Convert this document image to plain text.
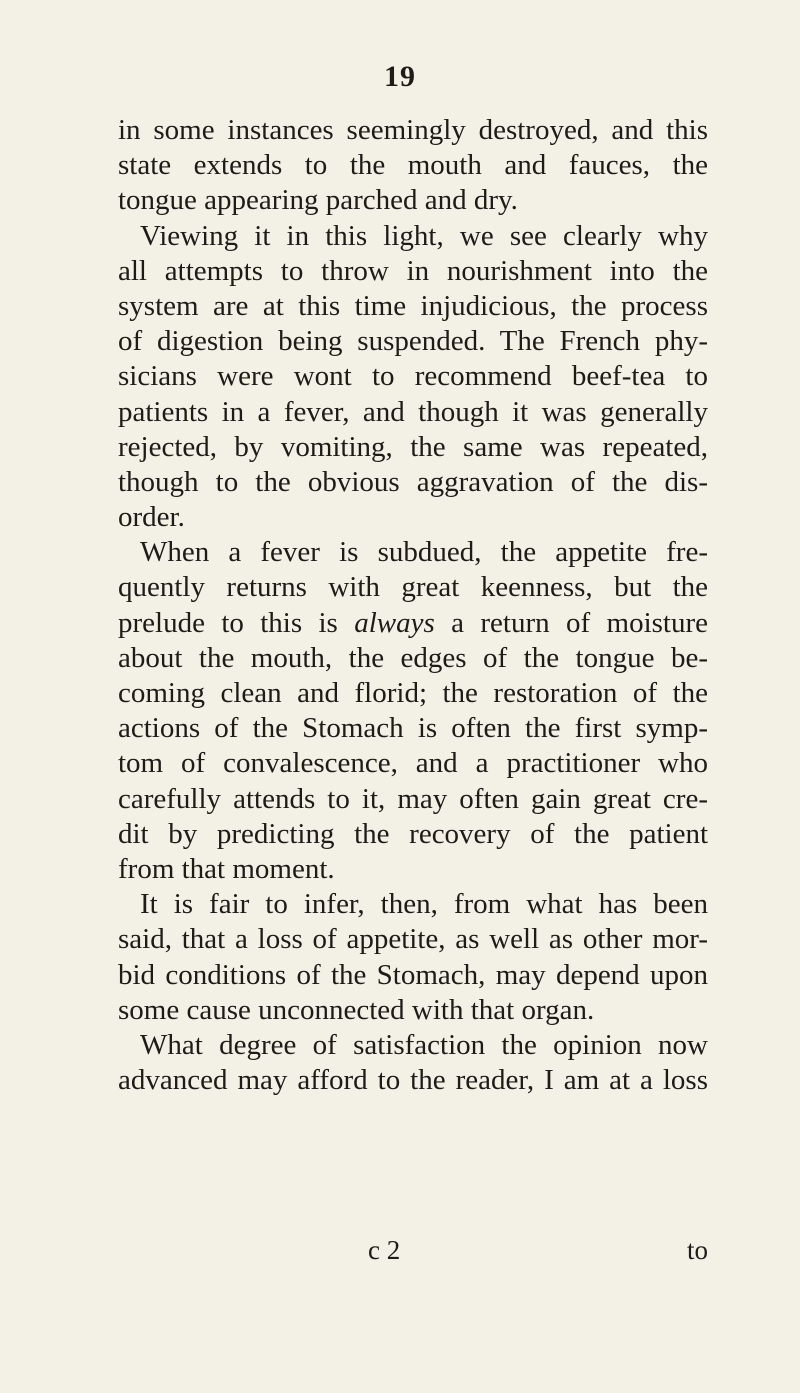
19
in some instances seemingly destroyed, and this
state extends to the mouth and fauces, the
tongue appearing parched and dry.
Viewing it in this light, we see clearly why
all attempts to throw in nourishment into the
system are at this time injudicious, the process
of digestion being suspended. The French phy-
sicians were wont to recommend beef-tea to
patients in a fever, and though it was generally
rejected, by vomiting, the same was repeated,
though to the obvious aggravation of the dis-
order.
When a fever is subdued, the appetite fre-
quently returns with great keenness, but the
prelude to this is always a return of moisture
about the mouth, the edges of the tongue be-
coming clean and florid; the restoration of the
actions of the Stomach is often the first symp-
tom of convalescence, and a practitioner who
carefully attends to it, may often gain great cre-
dit by predicting the recovery of the patient
from that moment.
It is fair to infer, then, from what has been
said, that a loss of appetite, as well as other mor-
bid conditions of the Stomach, may depend upon
some cause unconnected with that organ.
What degree of satisfaction the opinion now
advanced may afford to the reader, I am at a loss
c 2	to
